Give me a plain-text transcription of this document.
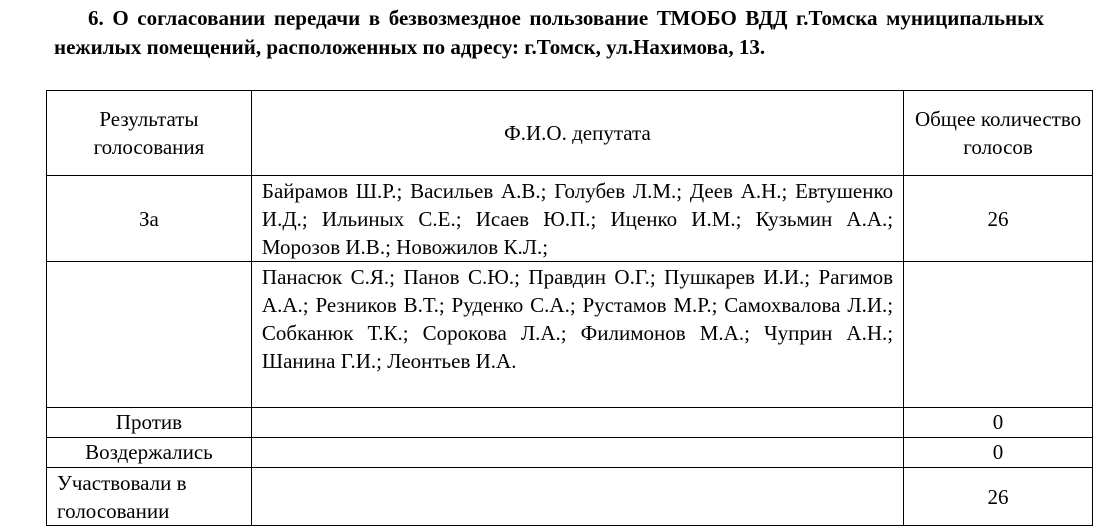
6. О согласовании передачи в безвозмездное пользование ТМОБО ВДД г.Томска муниципальных нежилых помещений, расположенных по адресу: г.Томск, ул.Нахимова, 13.
Результаты голосования	Ф.И.О. депутата	Общее количество голосов
За	Байрамов Ш.Р.; Васильев А.В.; Голубев Л.М.; Деев А.Н.; Евтушенко И.Д.; Ильиных С.Е.; Исаев Ю.П.; Иценко И.М.; Кузьмин А.А.; Морозов И.В.; Новожилов К.Л.;	26
	Панасюк С.Я.; Панов С.Ю.; Правдин О.Г.; Пушкарев И.И.; Рагимов А.А.; Резников В.Т.; Руденко С.А.; Рустамов М.Р.; Самохвалова Л.И.; Собканюк Т.К.; Сорокова Л.А.; Филимонов М.А.; Чуприн А.Н.; Шанина Г.И.; Леонтьев И.А.	
Против		0
Воздержались		0
Участвовали в голосовании		26
